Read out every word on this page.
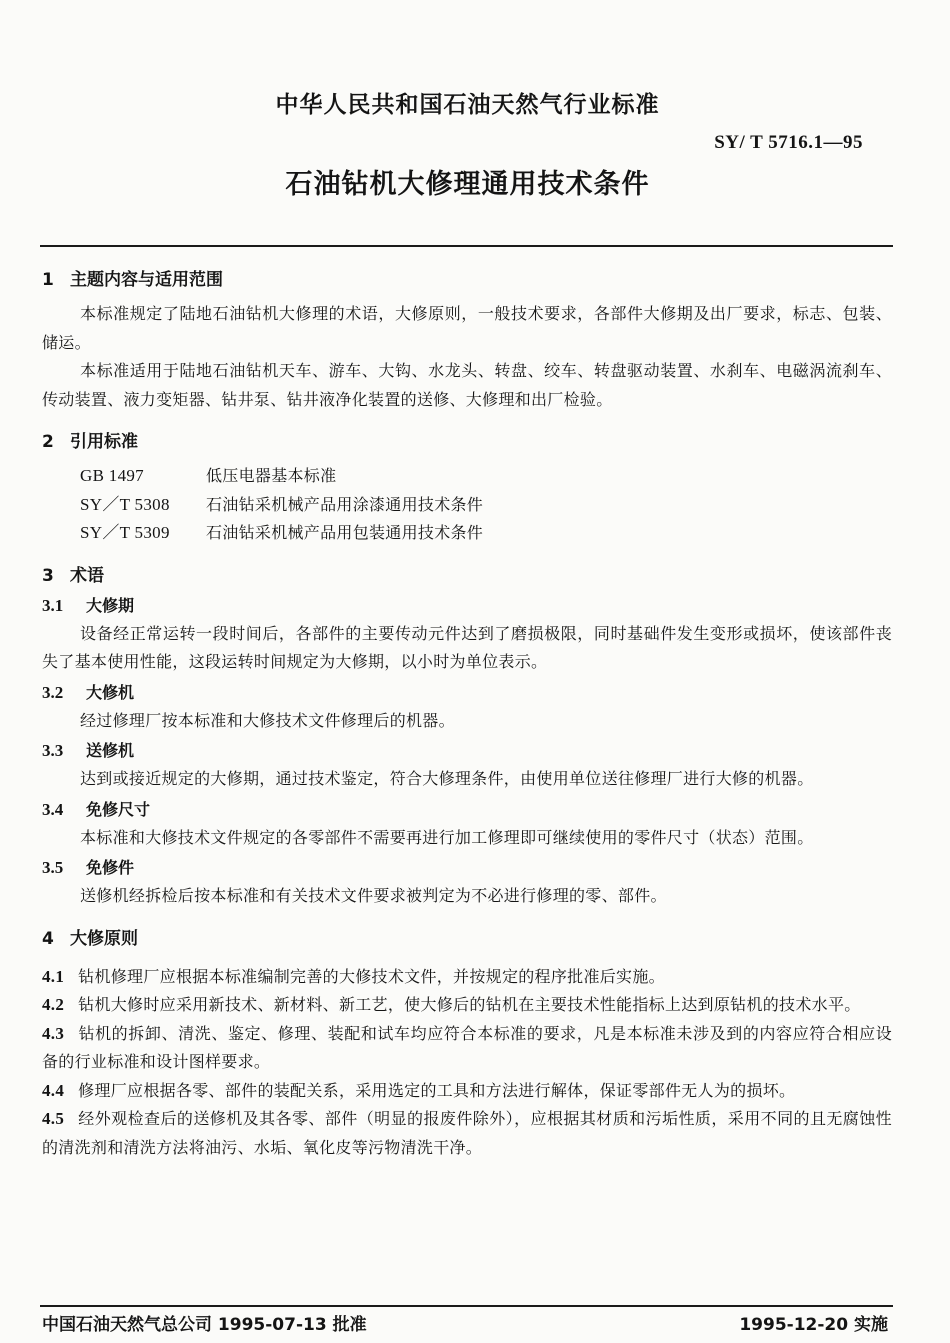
中华人民共和国石油天然气行业标准
SY/ T 5716.1—95
石油钻机大修理通用技术条件
1 主题内容与适用范围
本标准规定了陆地石油钻机大修理的术语，大修原则，一般技术要求，各部件大修期及出厂要求，标志、包装、储运。
本标准适用于陆地石油钻机天车、游车、大钩、水龙头、转盘、绞车、转盘驱动装置、水刹车、电磁涡流刹车、传动装置、液力变矩器、钻井泵、钻井液净化装置的送修、大修理和出厂检验。
2 引用标准
GB 1497	低压电器基本标准
SY／T 5308 石油钻采机械产品用涂漆通用技术条件
SY／T 5309 石油钻采机械产品用包装通用技术条件
3 术语
3.1 大修期
设备经正常运转一段时间后，各部件的主要传动元件达到了磨损极限，同时基础件发生变形或损坏，使该部件丧失了基本使用性能，这段运转时间规定为大修期，以小时为单位表示。
3.2 大修机
经过修理厂按本标准和大修技术文件修理后的机器。
3.3 送修机
达到或接近规定的大修期，通过技术鉴定，符合大修理条件，由使用单位送往修理厂进行大修的机器。
3.4 免修尺寸
本标准和大修技术文件规定的各零部件不需要再进行加工修理即可继续使用的零件尺寸（状态）范围。
3.5 免修件
送修机经拆检后按本标准和有关技术文件要求被判定为不必进行修理的零、部件。
4 大修原则
4.1 钻机修理厂应根据本标准编制完善的大修技术文件，并按规定的程序批准后实施。
4.2 钻机大修时应采用新技术、新材料、新工艺，使大修后的钻机在主要技术性能指标上达到原钻机的技术水平。
4.3 钻机的拆卸、清洗、鉴定、修理、装配和试车均应符合本标准的要求，凡是本标准未涉及到的内容应符合相应设备的行业标准和设计图样要求。
4.4 修理厂应根据各零、部件的装配关系，采用选定的工具和方法进行解体，保证零部件无人为的损坏。
4.5 经外观检查后的送修机及其各零、部件（明显的报废件除外），应根据其材质和污垢性质，采用不同的且无腐蚀性的清洗剂和清洗方法将油污、水垢、氧化皮等污物清洗干净。
中国石油天然气总公司 1995-07-13 批准	1995-12-20 实施
